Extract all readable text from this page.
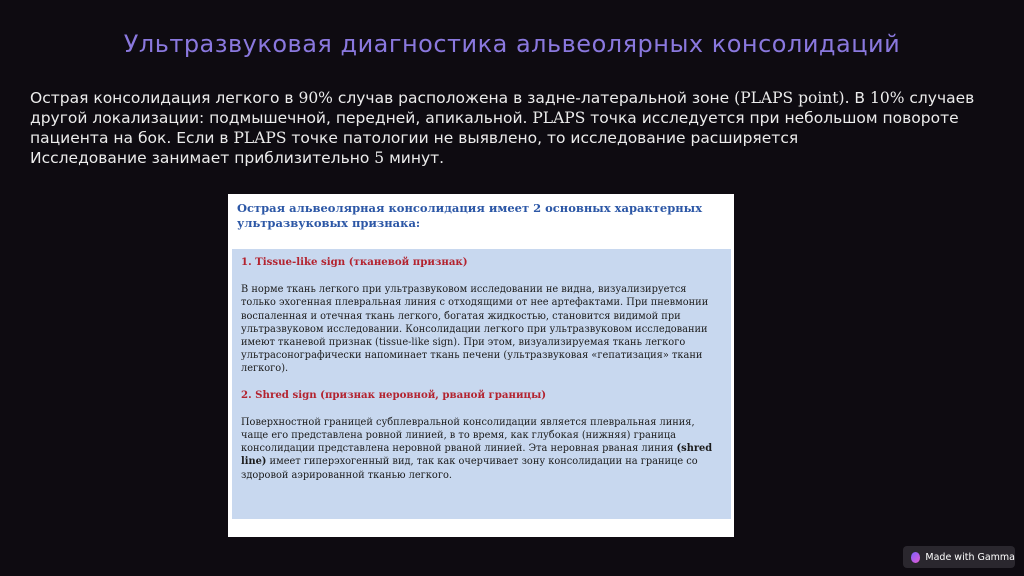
Ультразвуковая диагностика альвеолярных консолидаций

Острая консолидация легкого в 90% случав расположена в задне-латеральной зоне (PLAPS point). В 10% случаев другой локализации: подмышечной, передней, апикальной. PLAPS точка исследуется при небольшом повороте пациента на бок. Если в PLAPS точке патологии не выявлено, то исследование расширяется

Исследование занимает приблизительно 5 минут.

Острая альвеолярная консолидация имеет 2 основных характерных ультразвуковых признака:

1. Tissue-like sign (тканевой признак)

В норме ткань легкого при ультразвуковом исследовании не видна, визуализируется только эхогенная плевральная линия с отходящими от нее артефактами. При пневмонии воспаленная и отечная ткань легкого, богатая жидкостью, становится видимой при ультразвуковом исследовании. Консолидации легкого при ультразвуковом исследовании имеют тканевой признак (tissue-like sign). При этом, визуализируемая ткань легкого ультрасонографически напоминает ткань печени (ультразвуковая «гепатизация» ткани легкого).

2. Shred sign (признак неровной, рваной границы)

Поверхностной границей субплевральной консолидации является плевральная линия, чаще его представлена ровной линией, в то время, как глубокая (нижняя) граница консолидации представлена неровной рваной линией. Эта неровная рваная линия (shred line) имеет гиперэхогенный вид, так как очерчивает зону консолидации на границе со здоровой аэрированной тканью легкого.

Made with Gamma
